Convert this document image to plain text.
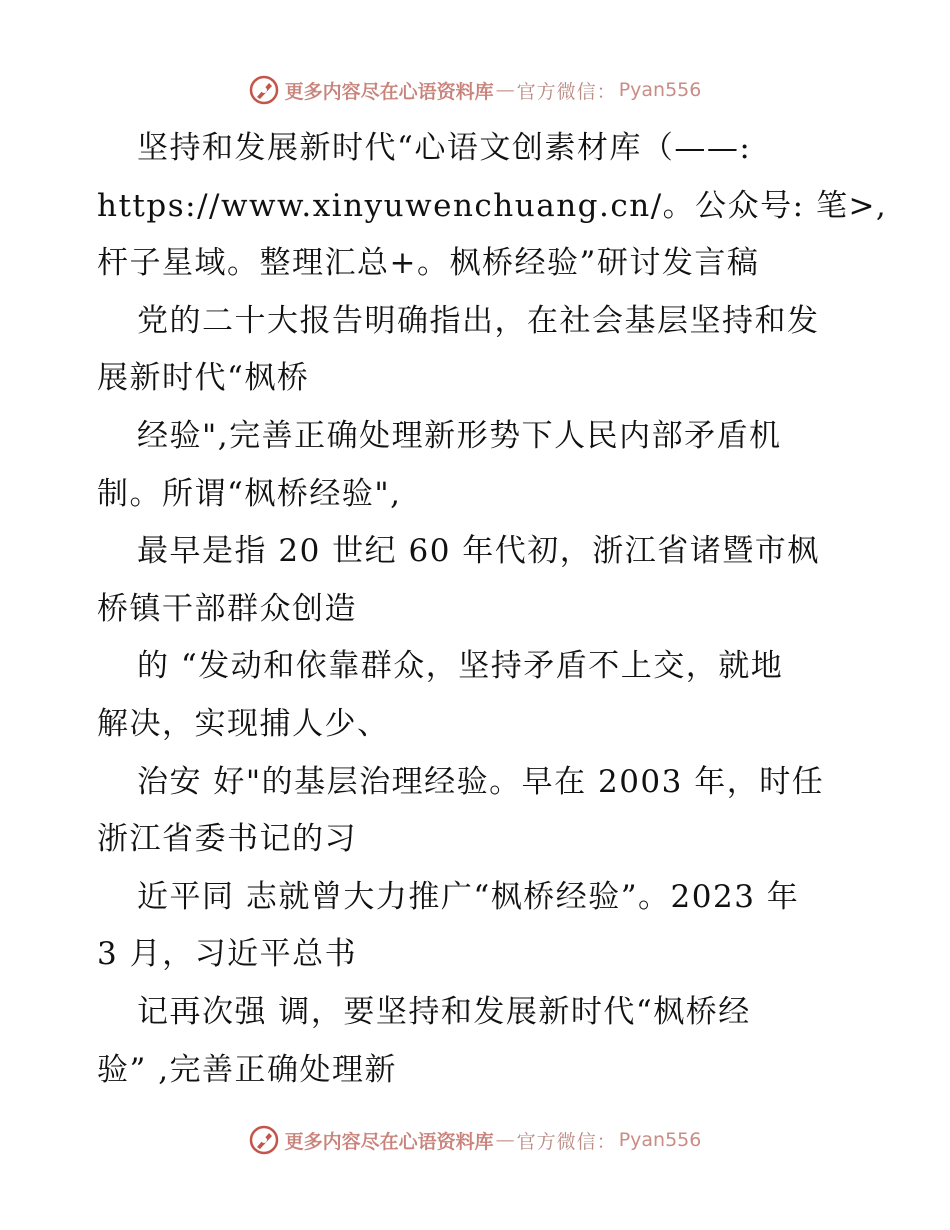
更多内容尽在心语资料库 — 官方微信： Pyan556
坚持和发展新时代“心语文创素材库（——:
https://www.xinyuwenchuang.cn/。公众号: 笔>,
杆子星域。整理汇总+。枫桥经验”研讨发言稿
党的二十大报告明确指出，在社会基层坚持和发
展新时代“枫桥
经验",完善正确处理新形势下人民内部矛盾机
制。所谓“枫桥经验",
最早是指 20 世纪 60 年代初，浙江省诸暨市枫
桥镇干部群众创造
的 “发动和依靠群众，坚持矛盾不上交，就地
解决，实现捕人少、
治安 好"的基层治理经验。早在 2003 年，时任
浙江省委书记的习
近平同 志就曾大力推广“枫桥经验”。2023 年
3 月，习近平总书
记再次强 调，要坚持和发展新时代“枫桥经
验” ,完善正确处理新
更多内容尽在心语资料库 — 官方微信： Pyan556
